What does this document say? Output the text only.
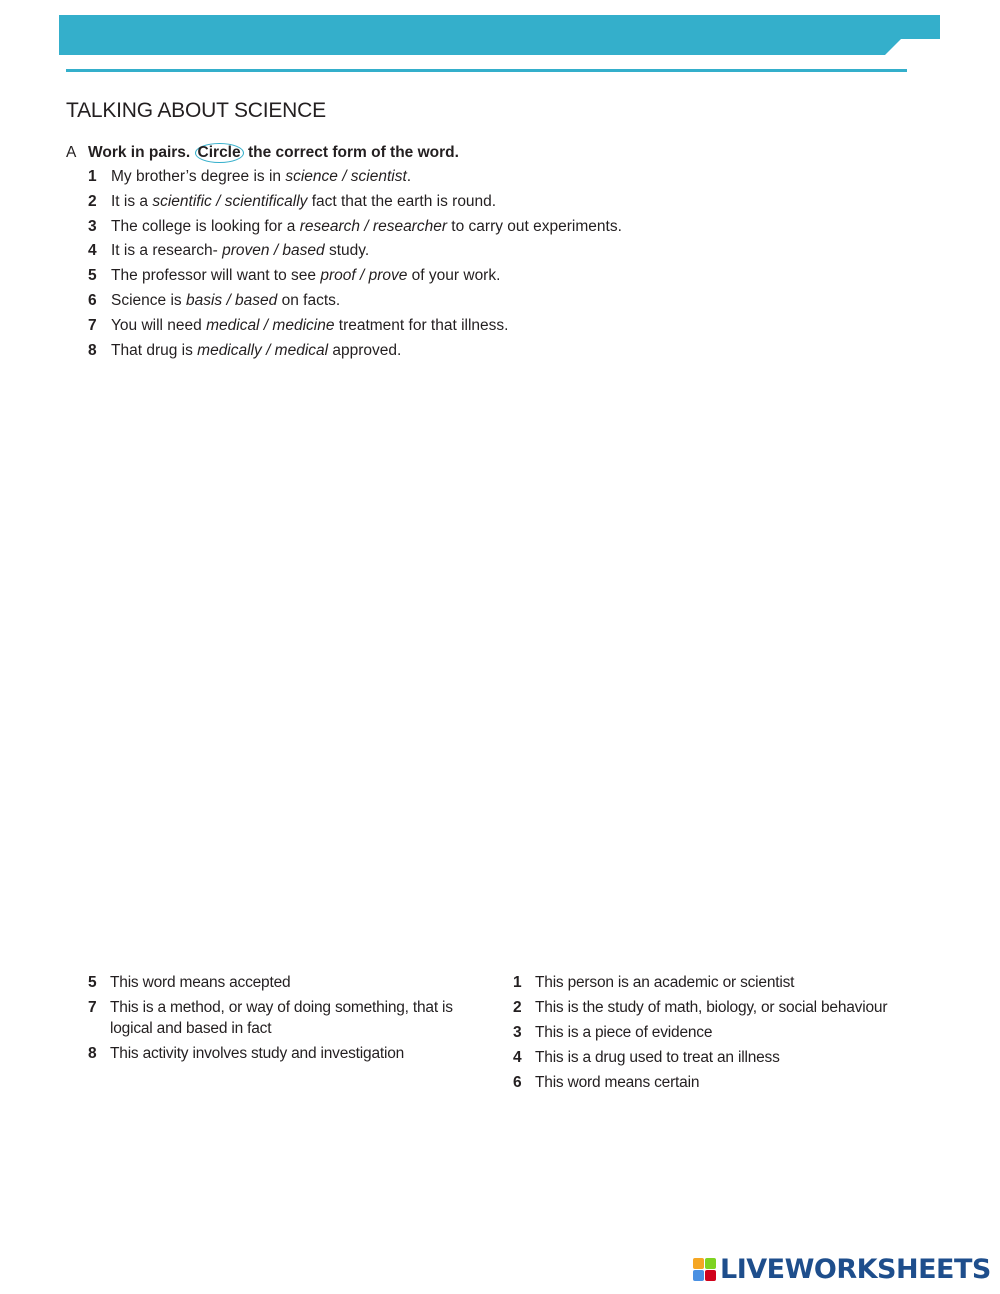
TALKING ABOUT SCIENCE
A Work in pairs. Circle the correct form of the word.
1 My brother’s degree is in science / scientist.
2 It is a scientific / scientifically fact that the earth is round.
3 The college is looking for a research / researcher to carry out experiments.
4 It is a research- proven / based study.
5 The professor will want to see proof / prove of your work.
6 Science is basis / based on facts.
7 You will need medical / medicine treatment for that illness.
8 That drug is medically / medical approved.
5 This word means accepted
7 This is a method, or way of doing something, that is logical and based in fact
8 This activity involves study and investigation
1 This person is an academic or scientist
2 This is the study of math, biology, or social behaviour
3 This is a piece of evidence
4 This is a drug used to treat an illness
6 This word means certain
LIVEWORKSHEETS
